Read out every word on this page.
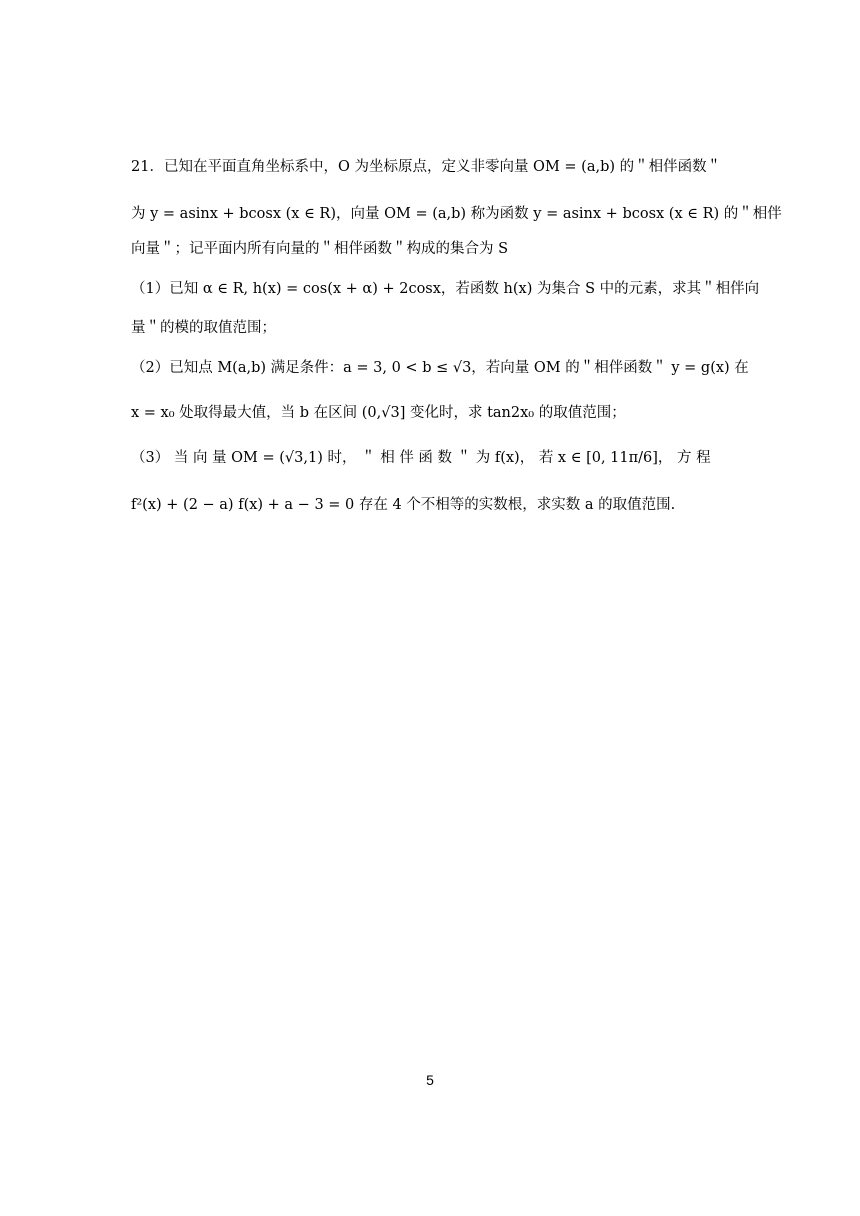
21．已知在平面直角坐标系中，O 为坐标原点，定义非零向量 OM = (a,b) 的＂相伴函数＂
为 y = asinx + bcosx (x ∈ R)，向量 OM = (a,b) 称为函数 y = asinx + bcosx (x ∈ R) 的＂相伴
向量＂；记平面内所有向量的＂相伴函数＂构成的集合为 S
（1）已知 α ∈ R, h(x) = cos(x + α) + 2cosx，若函数 h(x) 为集合 S 中的元素，求其＂相伴向
量＂的模的取值范围；
（2）已知点 M(a,b) 满足条件：a = 3, 0 < b ≤ √3，若向量 OM 的＂相伴函数＂ y = g(x) 在
x = x₀ 处取得最大值，当 b 在区间 (0,√3] 变化时，求 tan2x₀ 的取值范围；
（3） 当 向 量 OM = (√3,1) 时， ＂ 相 伴 函 数 ＂ 为 f(x)， 若 x ∈ [0, 11π/6]， 方 程
f²(x) + (2 − a) f(x) + a − 3 = 0 存在 4 个不相等的实数根，求实数 a 的取值范围.
5
